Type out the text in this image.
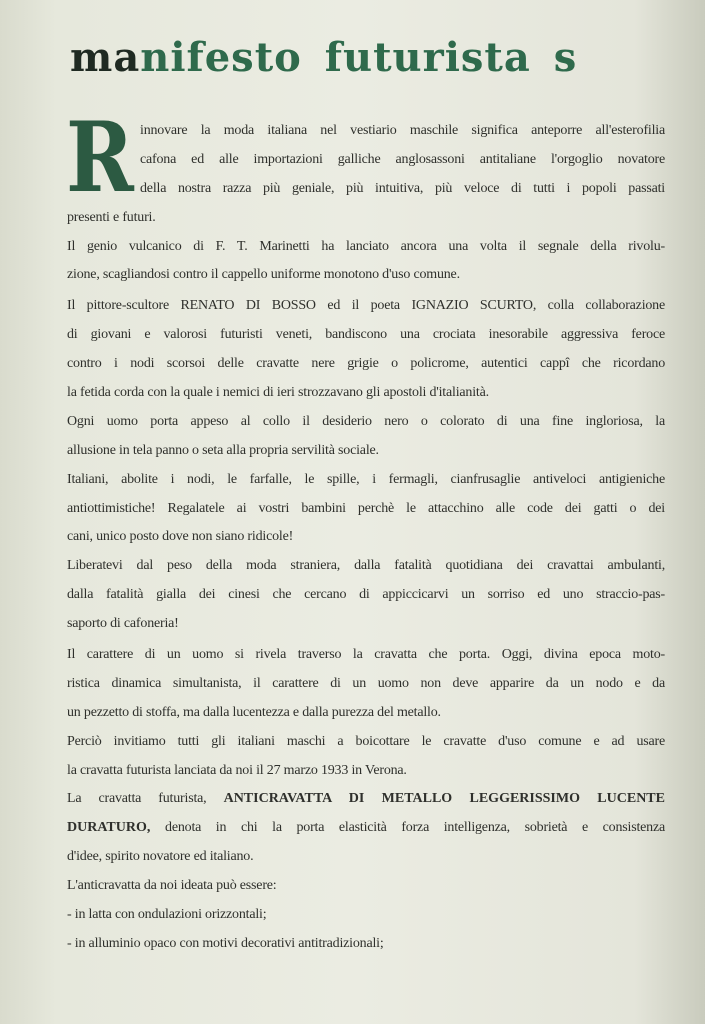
manifesto futurista s
R innovare la moda italiana nel vestiario maschile significa anteporre all'esterofilia
cafona ed alle importazioni galliche anglosassoni antitaliane l'orgoglio novatore
della nostra razza più geniale, più intuitiva, più veloce di tutti i popoli passati
presenti e futuri.
Il genio vulcanico di F. T. Marinetti ha lanciato ancora una volta il segnale della rivolu-
zione, scagliandosi contro il cappello uniforme monotono d'uso comune.
Il pittore-scultore RENATO DI BOSSO ed il poeta IGNAZIO SCURTO, colla collaborazione
di giovani e valorosi futuristi veneti, bandiscono una crociata inesorabile aggressiva feroce
contro i nodi scorsoi delle cravatte nere grigie o policrome, autentici cappî che ricordano
la fetida corda con la quale i nemici di ieri strozzavano gli apostoli d'italianità.
Ogni uomo porta appeso al collo il desiderio nero o colorato di una fine ingloriosa, la
allusione in tela panno o seta alla propria servilità sociale.
Italiani, abolite i nodi, le farfalle, le spille, i fermagli, cianfrusaglie antiveloci antigieniche
antiottimistiche! Regalatele ai vostri bambini perchè le attacchino alle code dei gatti o dei
cani, unico posto dove non siano ridicole!
Liberatevi dal peso della moda straniera, dalla fatalità quotidiana dei cravattai ambulanti,
dalla fatalità gialla dei cinesi che cercano di appiccicarvi un sorriso ed uno straccio-pas-
saporto di cafoneria!
Il carattere di un uomo si rivela traverso la cravatta che porta. Oggi, divina epoca moto-
ristica dinamica simultanista, il carattere di un uomo non deve apparire da un nodo e da
un pezzetto di stoffa, ma dalla lucentezza e dalla purezza del metallo.
Perciò invitiamo tutti gli italiani maschi a boicottare le cravatte d'uso comune e ad usare
la cravatta futurista lanciata da noi il 27 marzo 1933 in Verona.
La cravatta futurista, ANTICRAVATTA DI METALLO LEGGERISSIMO LUCENTE
DURATURO, denota in chi la porta elasticità forza intelligenza, sobrietà e consistenza
d'idee, spirito novatore ed italiano.
L'anticravatta da noi ideata può essere:
- in latta con ondulazioni orizzontali;
- in alluminio opaco con motivi decorativi antitradizionali;
